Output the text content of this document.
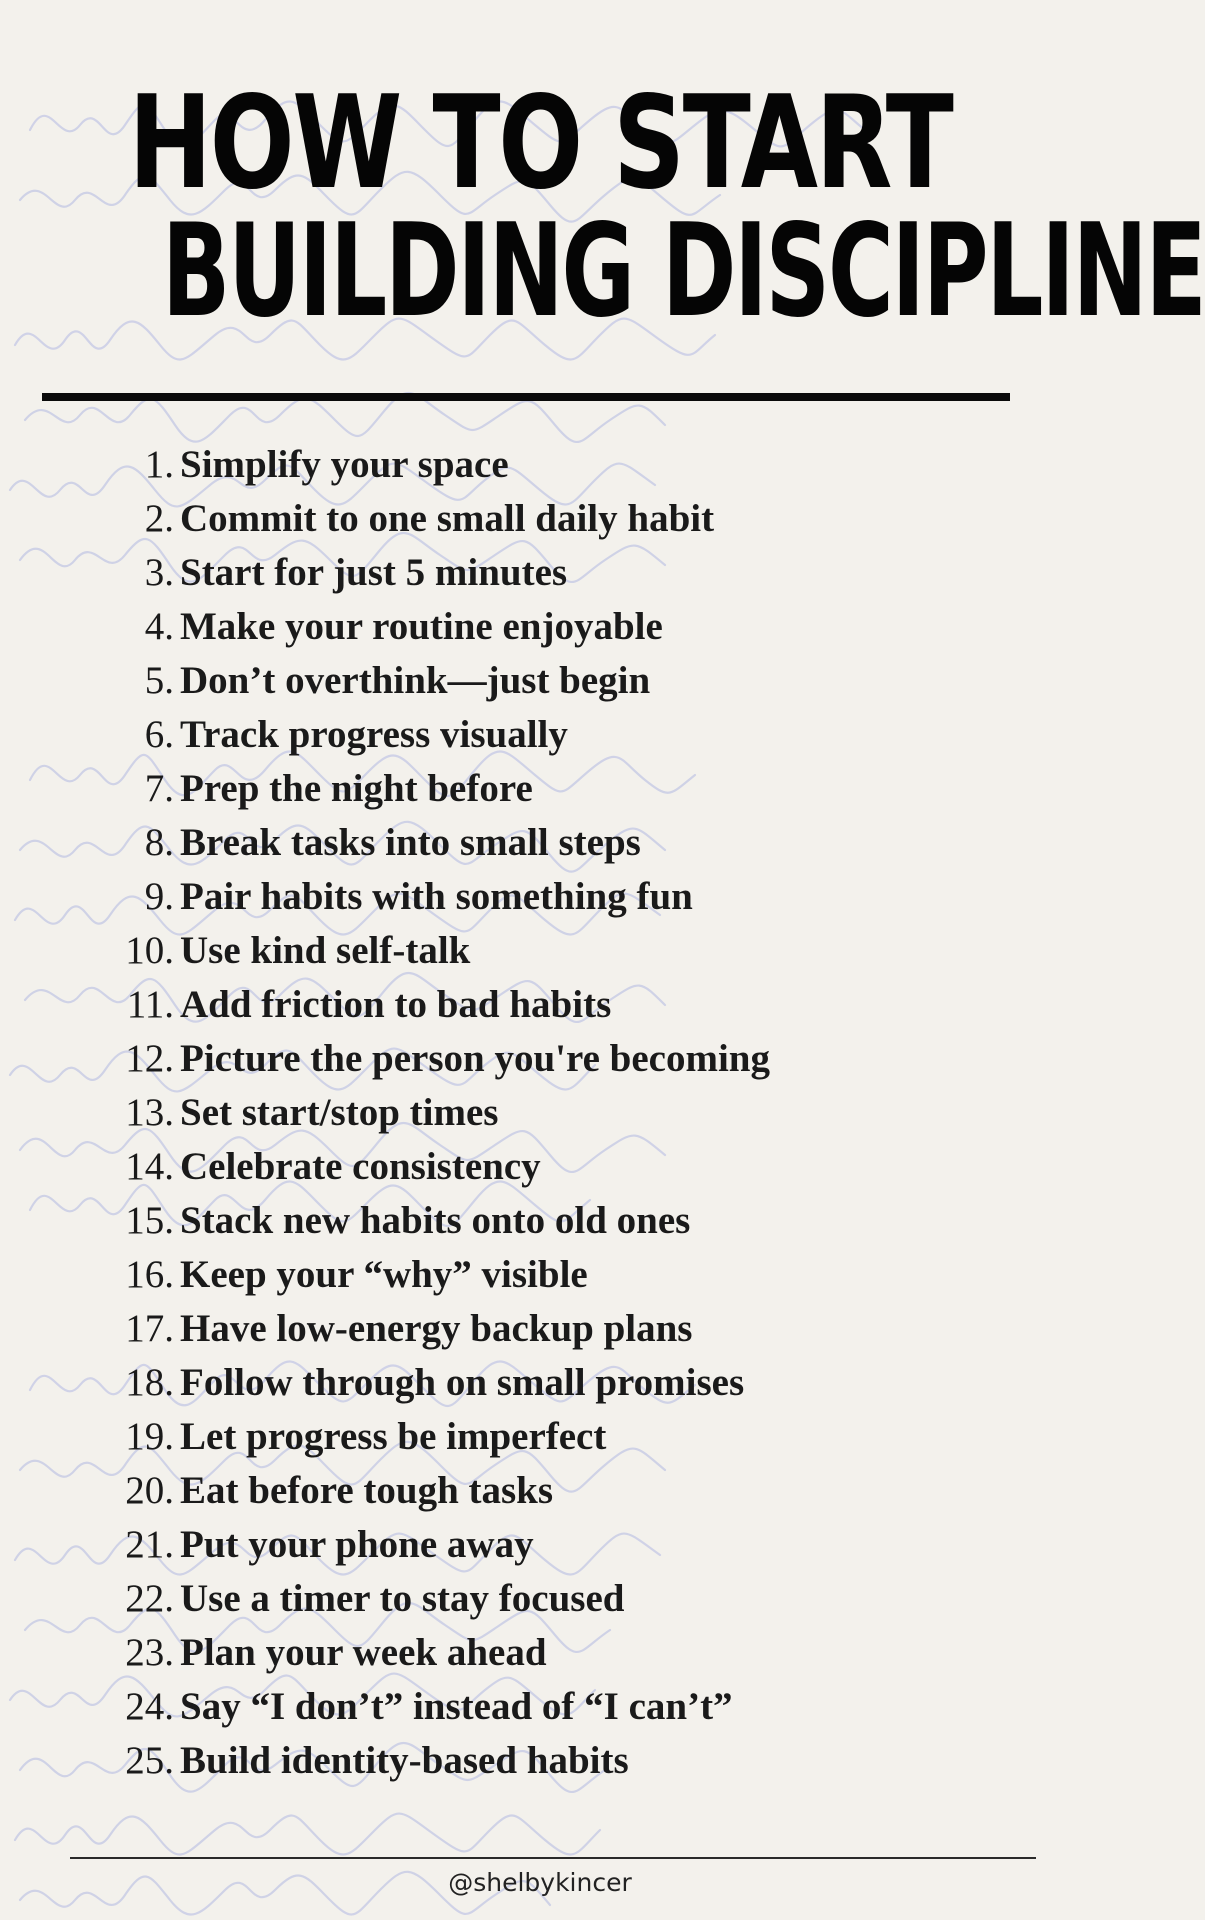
HOW TO START
BUILDING DISCIPLINE
1. Simplify your space
2. Commit to one small daily habit
3. Start for just 5 minutes
4. Make your routine enjoyable
5. Don’t overthink—just begin
6. Track progress visually
7. Prep the night before
8. Break tasks into small steps
9. Pair habits with something fun
10. Use kind self-talk
11. Add friction to bad habits
12. Picture the person you're becoming
13. Set start/stop times
14. Celebrate consistency
15. Stack new habits onto old ones
16. Keep your “why” visible
17. Have low-energy backup plans
18. Follow through on small promises
19. Let progress be imperfect
20. Eat before tough tasks
21. Put your phone away
22. Use a timer to stay focused
23. Plan your week ahead
24. Say “I don’t” instead of “I can’t”
25. Build identity-based habits
@shelbykincer
